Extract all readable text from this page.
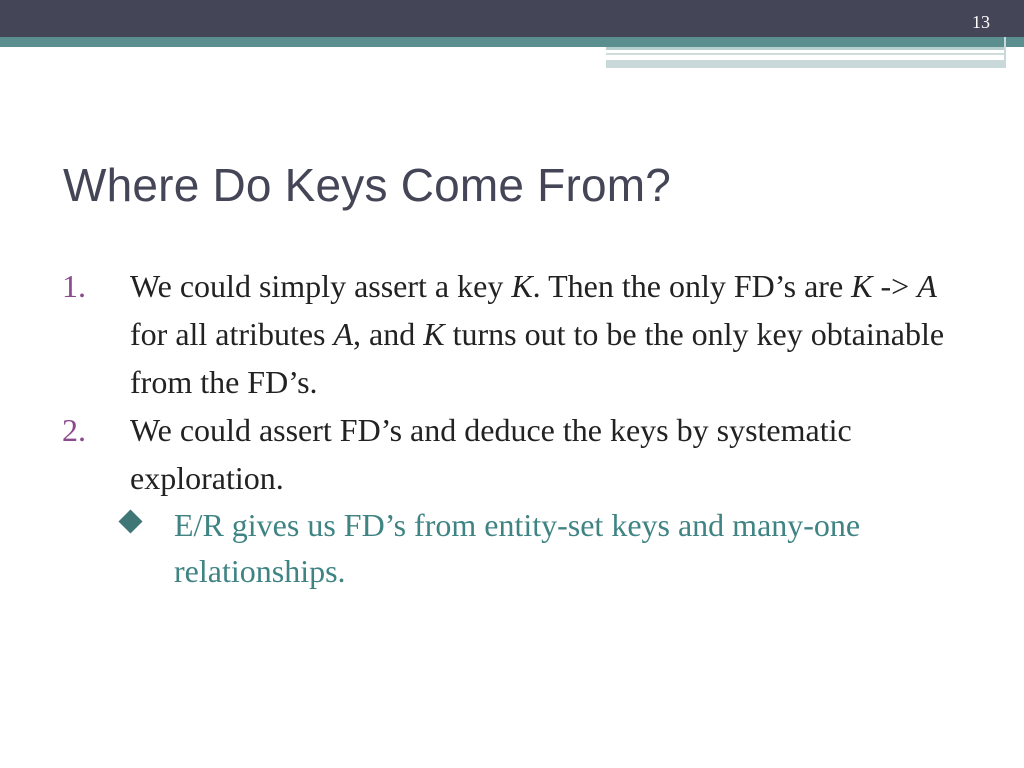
13
Where Do Keys Come From?
1.	We could simply assert a key K. Then the only FD’s are K -> A for all atributes A, and K turns out to be the only key obtainable from the FD’s.
2.	We could assert FD’s and deduce the keys by systematic exploration.
E/R gives us FD’s from entity-set keys and many-one relationships.
